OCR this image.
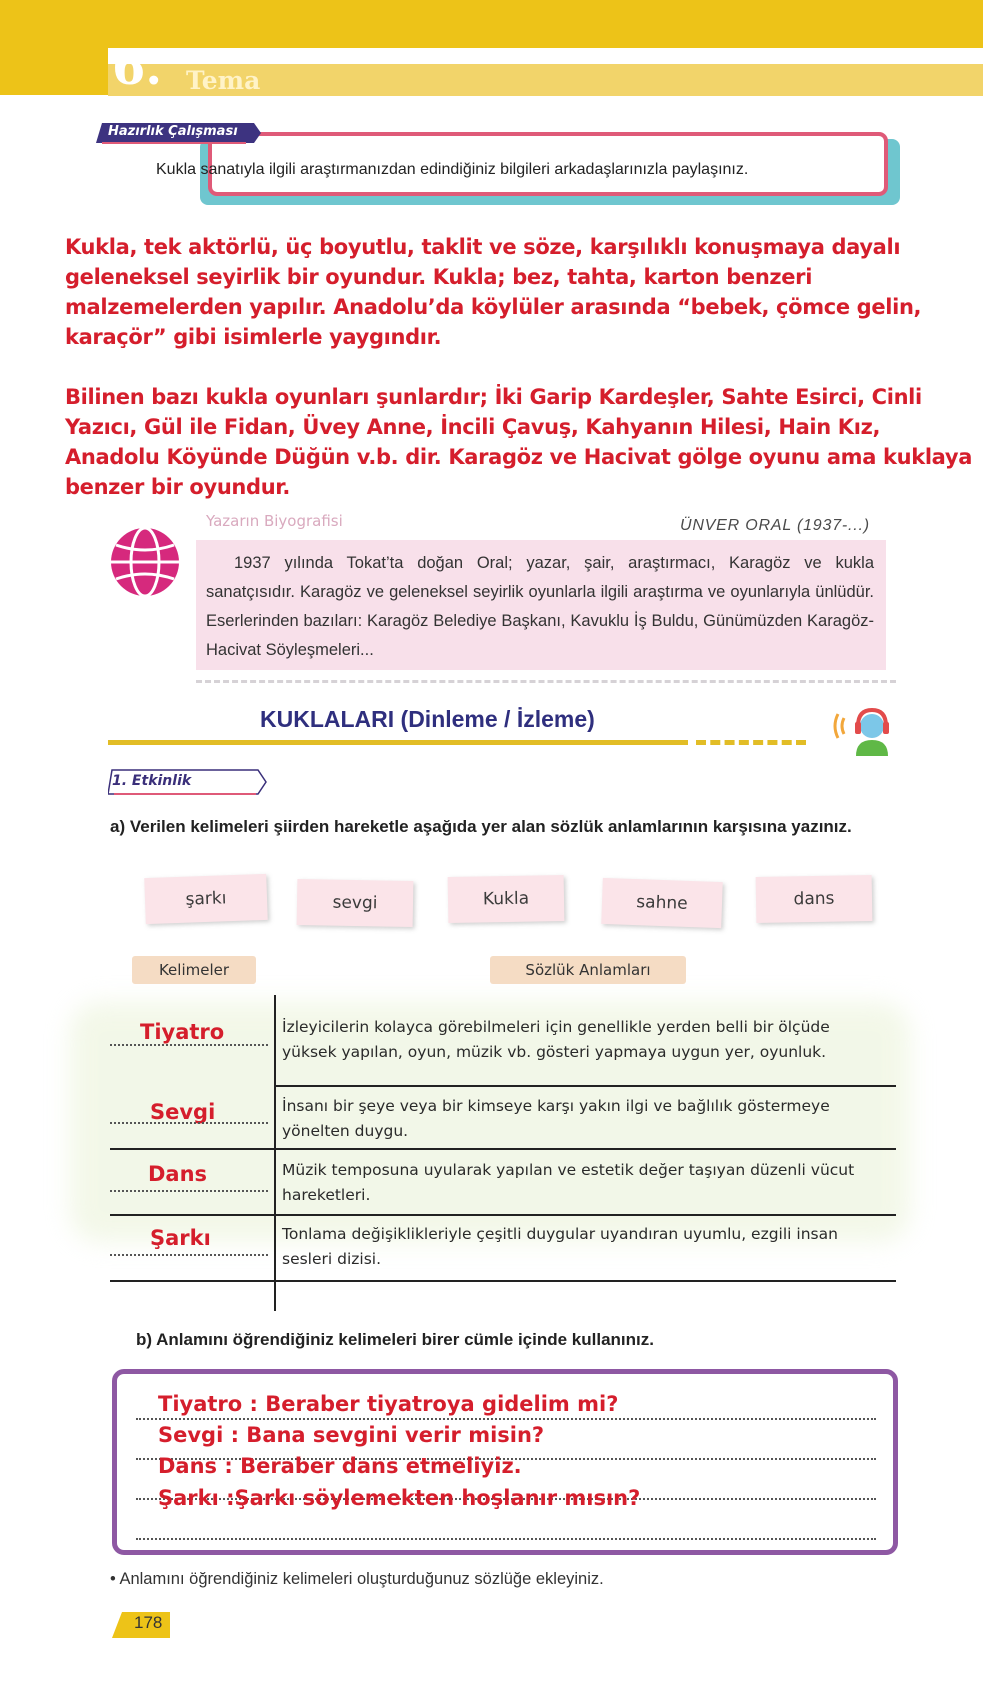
6. Tema
Hazırlık Çalışması
Kukla sanatıyla ilgili araştırmanızdan edindiğiniz bilgileri arkadaşlarınızla paylaşınız.
Kukla, tek aktörlü, üç boyutlu, taklit ve söze, karşılıklı konuşmaya dayalı geleneksel seyirlik bir oyundur. Kukla; bez, tahta, karton benzeri malzemelerden yapılır. Anadolu’da köylüler arasında “bebek, çömce gelin, karaçör” gibi isimlerle yaygındır.
Bilinen bazı kukla oyunları şunlardır; İki Garip Kardeşler, Sahte Esirci, Cinli Yazıcı, Gül ile Fidan, Üvey Anne, İncili Çavuş, Kahyanın Hilesi, Hain Kız, Anadolu Köyünde Düğün v.b. dir. Karagöz ve Hacivat gölge oyunu ama kuklaya benzer bir oyundur.
Yazarın Biyografisi	ÜNVER ORAL (1937-...)

1937 yılında Tokat’ta doğan Oral; yazar, şair, araştırmacı, Karagöz ve kukla sanatçısıdır. Karagöz ve geleneksel seyirlik oyunlarla ilgili araştırma ve oyunlarıyla ünlüdür. Eserlerinden bazıları: Karagöz Belediye Başkanı, Kavuklu İş Buldu, Günümüzden Karagöz-Hacivat Söyleşmeleri...

KUKLALARI (Dinleme / İzleme)
1. Etkinlik
a) Verilen kelimeleri şiirden hareketle aşağıda yer alan sözlük anlamlarının karşısına yazınız.
şarkı	sevgi	Kukla	sahne	dans
Kelimeler	Sözlük Anlamları
Tiyatro	İzleyicilerin kolayca görebilmeleri için genellikle yerden belli bir ölçüde yüksek yapılan, oyun, müzik vb. gösteri yapmaya uygun yer, oyunluk.
Sevgi	İnsanı bir şeye veya bir kimseye karşı yakın ilgi ve bağlılık göstermeye yönelten duygu.
Dans	Müzik temposuna uyularak yapılan ve estetik değer taşıyan düzenli vücut hareketleri.
Şarkı	Tonlama değişiklikleriyle çeşitli duygular uyandıran uyumlu, ezgili insan sesleri dizisi.
b) Anlamını öğrendiğiniz kelimeleri birer cümle içinde kullanınız.
Tiyatro : Beraber tiyatroya gidelim mi?
Sevgi : Bana sevgini verir misin?
Dans : Beraber dans etmeliyiz.
Şarkı :Şarkı söylemekten hoşlanır mısın?
• Anlamını öğrendiğiniz kelimeleri oluşturduğunuz sözlüğe ekleyiniz.
178
